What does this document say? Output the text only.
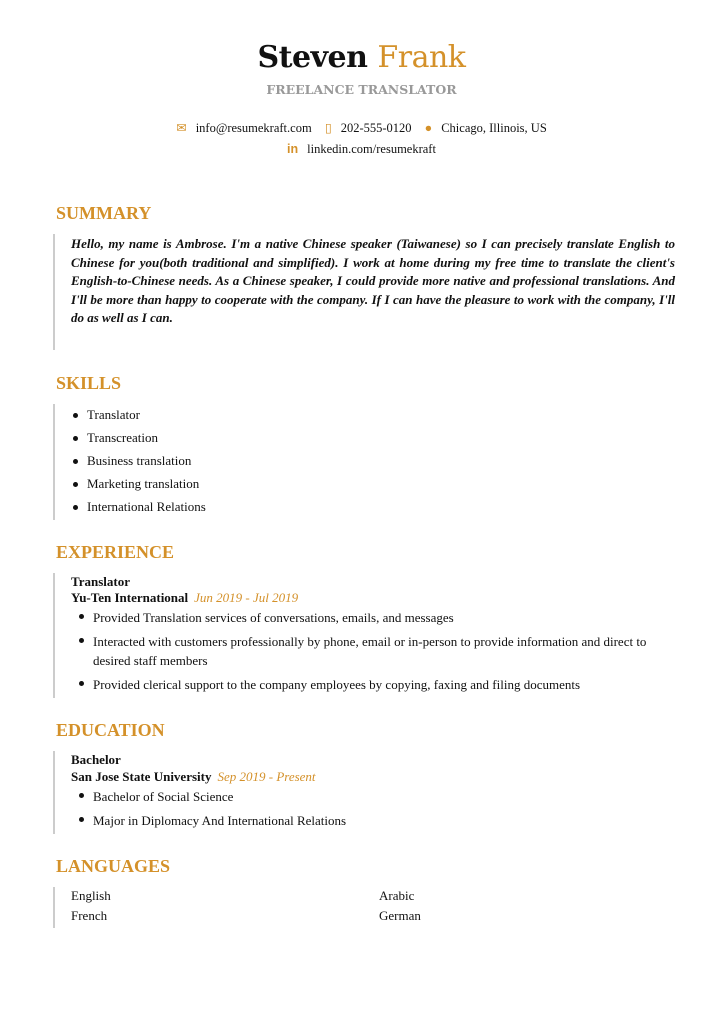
Steven Frank
FREELANCE TRANSLATOR
✉ info@resumekraft.com ▯ 202-555-0120 ● Chicago, Illinois, US
in linkedin.com/resumekraft
SUMMARY
Hello, my name is Ambrose. I'm a native Chinese speaker (Taiwanese) so I can precisely translate English to Chinese for you(both traditional and simplified). I work at home during my free time to translate the client's English-to-Chinese needs. As a Chinese speaker, I could provide more native and professional translations. And I'll be more than happy to cooperate with the company. If I can have the pleasure to work with the company, I'll do as well as I can.
SKILLS
Translator
Transcreation
Business translation
Marketing translation
International Relations
EXPERIENCE
Translator
Yu-Ten International Jun 2019 - Jul 2019
Provided Translation services of conversations, emails, and messages
Interacted with customers professionally by phone, email or in-person to provide information and direct to desired staff members
Provided clerical support to the company employees by copying, faxing and filing documents
EDUCATION
Bachelor
San Jose State University Sep 2019 - Present
Bachelor of Social Science
Major in Diplomacy And International Relations
LANGUAGES
English	Arabic
French	German
